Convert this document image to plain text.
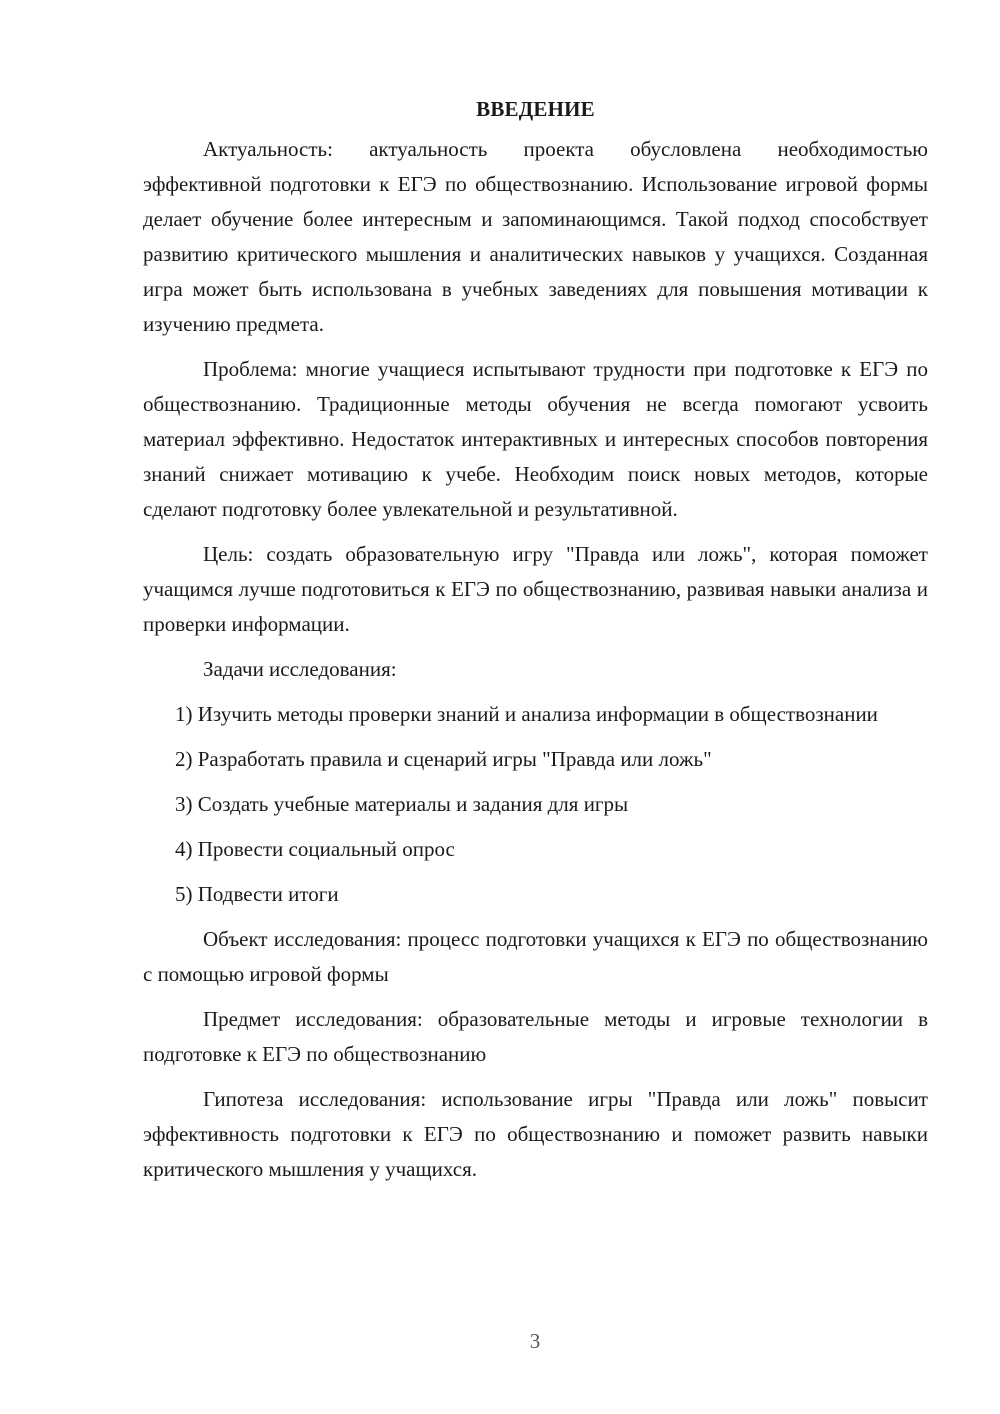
ВВЕДЕНИЕ

Актуальность: актуальность проекта обусловлена необходимостью эффективной подготовки к ЕГЭ по обществознанию. Использование игровой формы делает обучение более интересным и запоминающимся. Такой подход способствует развитию критического мышления и аналитических навыков у учащихся. Созданная игра может быть использована в учебных заведениях для повышения мотивации к изучению предмета.

Проблема: многие учащиеся испытывают трудности при подготовке к ЕГЭ по обществознанию. Традиционные методы обучения не всегда помогают усвоить материал эффективно. Недостаток интерактивных и интересных способов повторения знаний снижает мотивацию к учебе. Необходим поиск новых методов, которые сделают подготовку более увлекательной и результативной.

Цель: создать образовательную игру "Правда или ложь", которая поможет учащимся лучше подготовиться к ЕГЭ по обществознанию, развивая навыки анализа и проверки информации.

Задачи исследования:

1) Изучить методы проверки знаний и анализа информации в обществознании

2) Разработать правила и сценарий игры "Правда или ложь"

3) Создать учебные материалы и задания для игры

4) Провести социальный опрос

5) Подвести итоги

Объект исследования: процесс подготовки учащихся к ЕГЭ по обществознанию с помощью игровой формы

Предмет исследования: образовательные методы и игровые технологии в подготовке к ЕГЭ по обществознанию

Гипотеза исследования: использование игры "Правда или ложь" повысит эффективность подготовки к ЕГЭ по обществознанию и поможет развить навыки критического мышления у учащихся.

3
